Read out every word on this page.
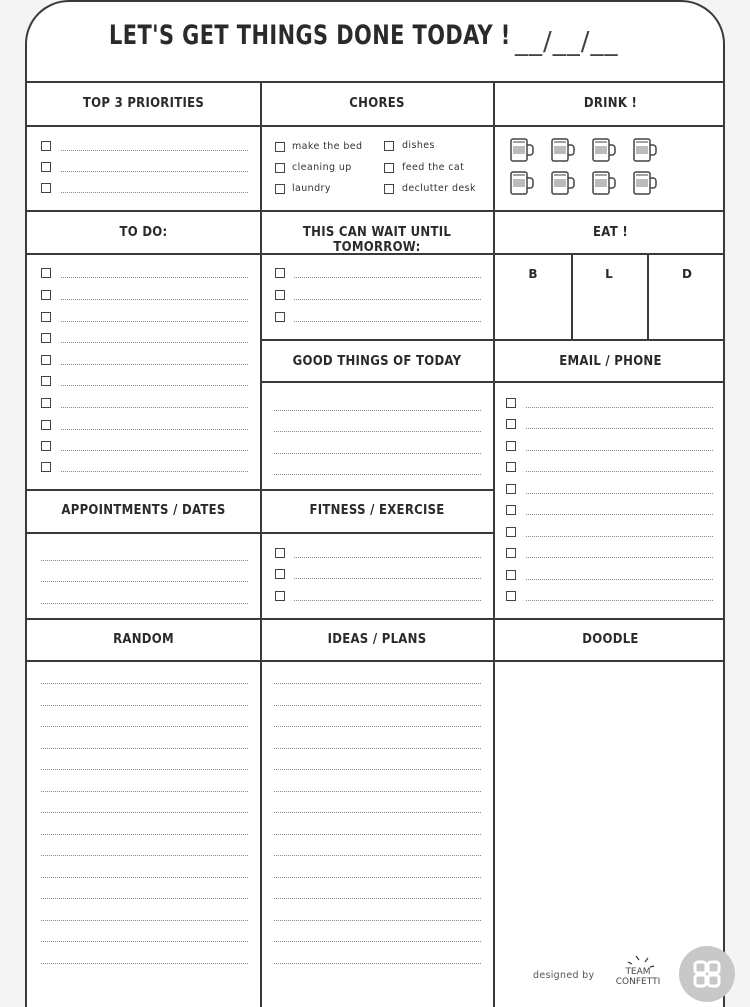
LET'S GET THINGS DONE TODAY ! __/__/__
TOP 3 PRIORITIES	CHORES	DRINK !
TO DO:	THIS CAN WAIT UNTIL TOMORROW:
EAT !
GOOD THINGS OF TODAY	EMAIL / PHONE
APPOINTMENTS / DATES	FITNESS / EXERCISE
RANDOM	IDEAS / PLANS	DOODLE
make the bed	dishes
cleaning up	feed the cat
laundry	declutter desk
B	L	D
designed by	TEAM
CONFETTI
